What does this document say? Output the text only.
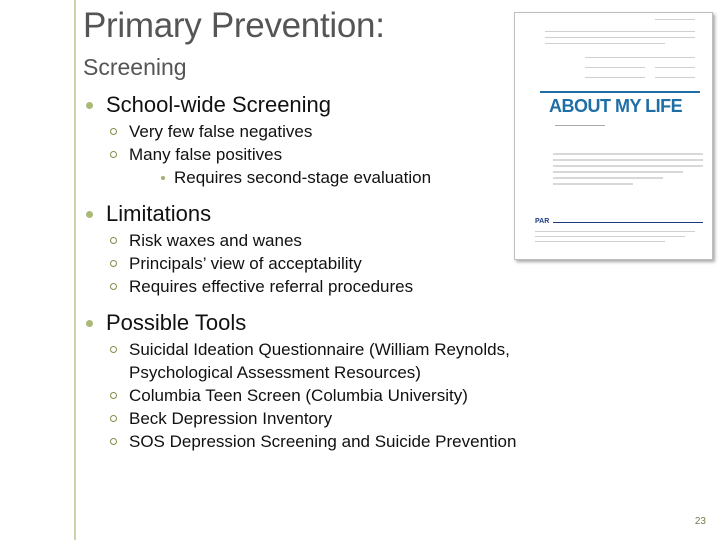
Primary Prevention:
Screening
School-wide Screening
Very few false negatives
Many false positives
Requires second-stage evaluation
Limitations
Risk waxes and wanes
Principals’ view of acceptability
Requires effective referral procedures
Possible Tools
Suicidal Ideation Questionnaire (William Reynolds, Psychological Assessment Resources)
Columbia Teen Screen (Columbia University)
Beck Depression Inventory
SOS Depression Screening and Suicide Prevention
ABOUT MY LIFE
PAR
23
